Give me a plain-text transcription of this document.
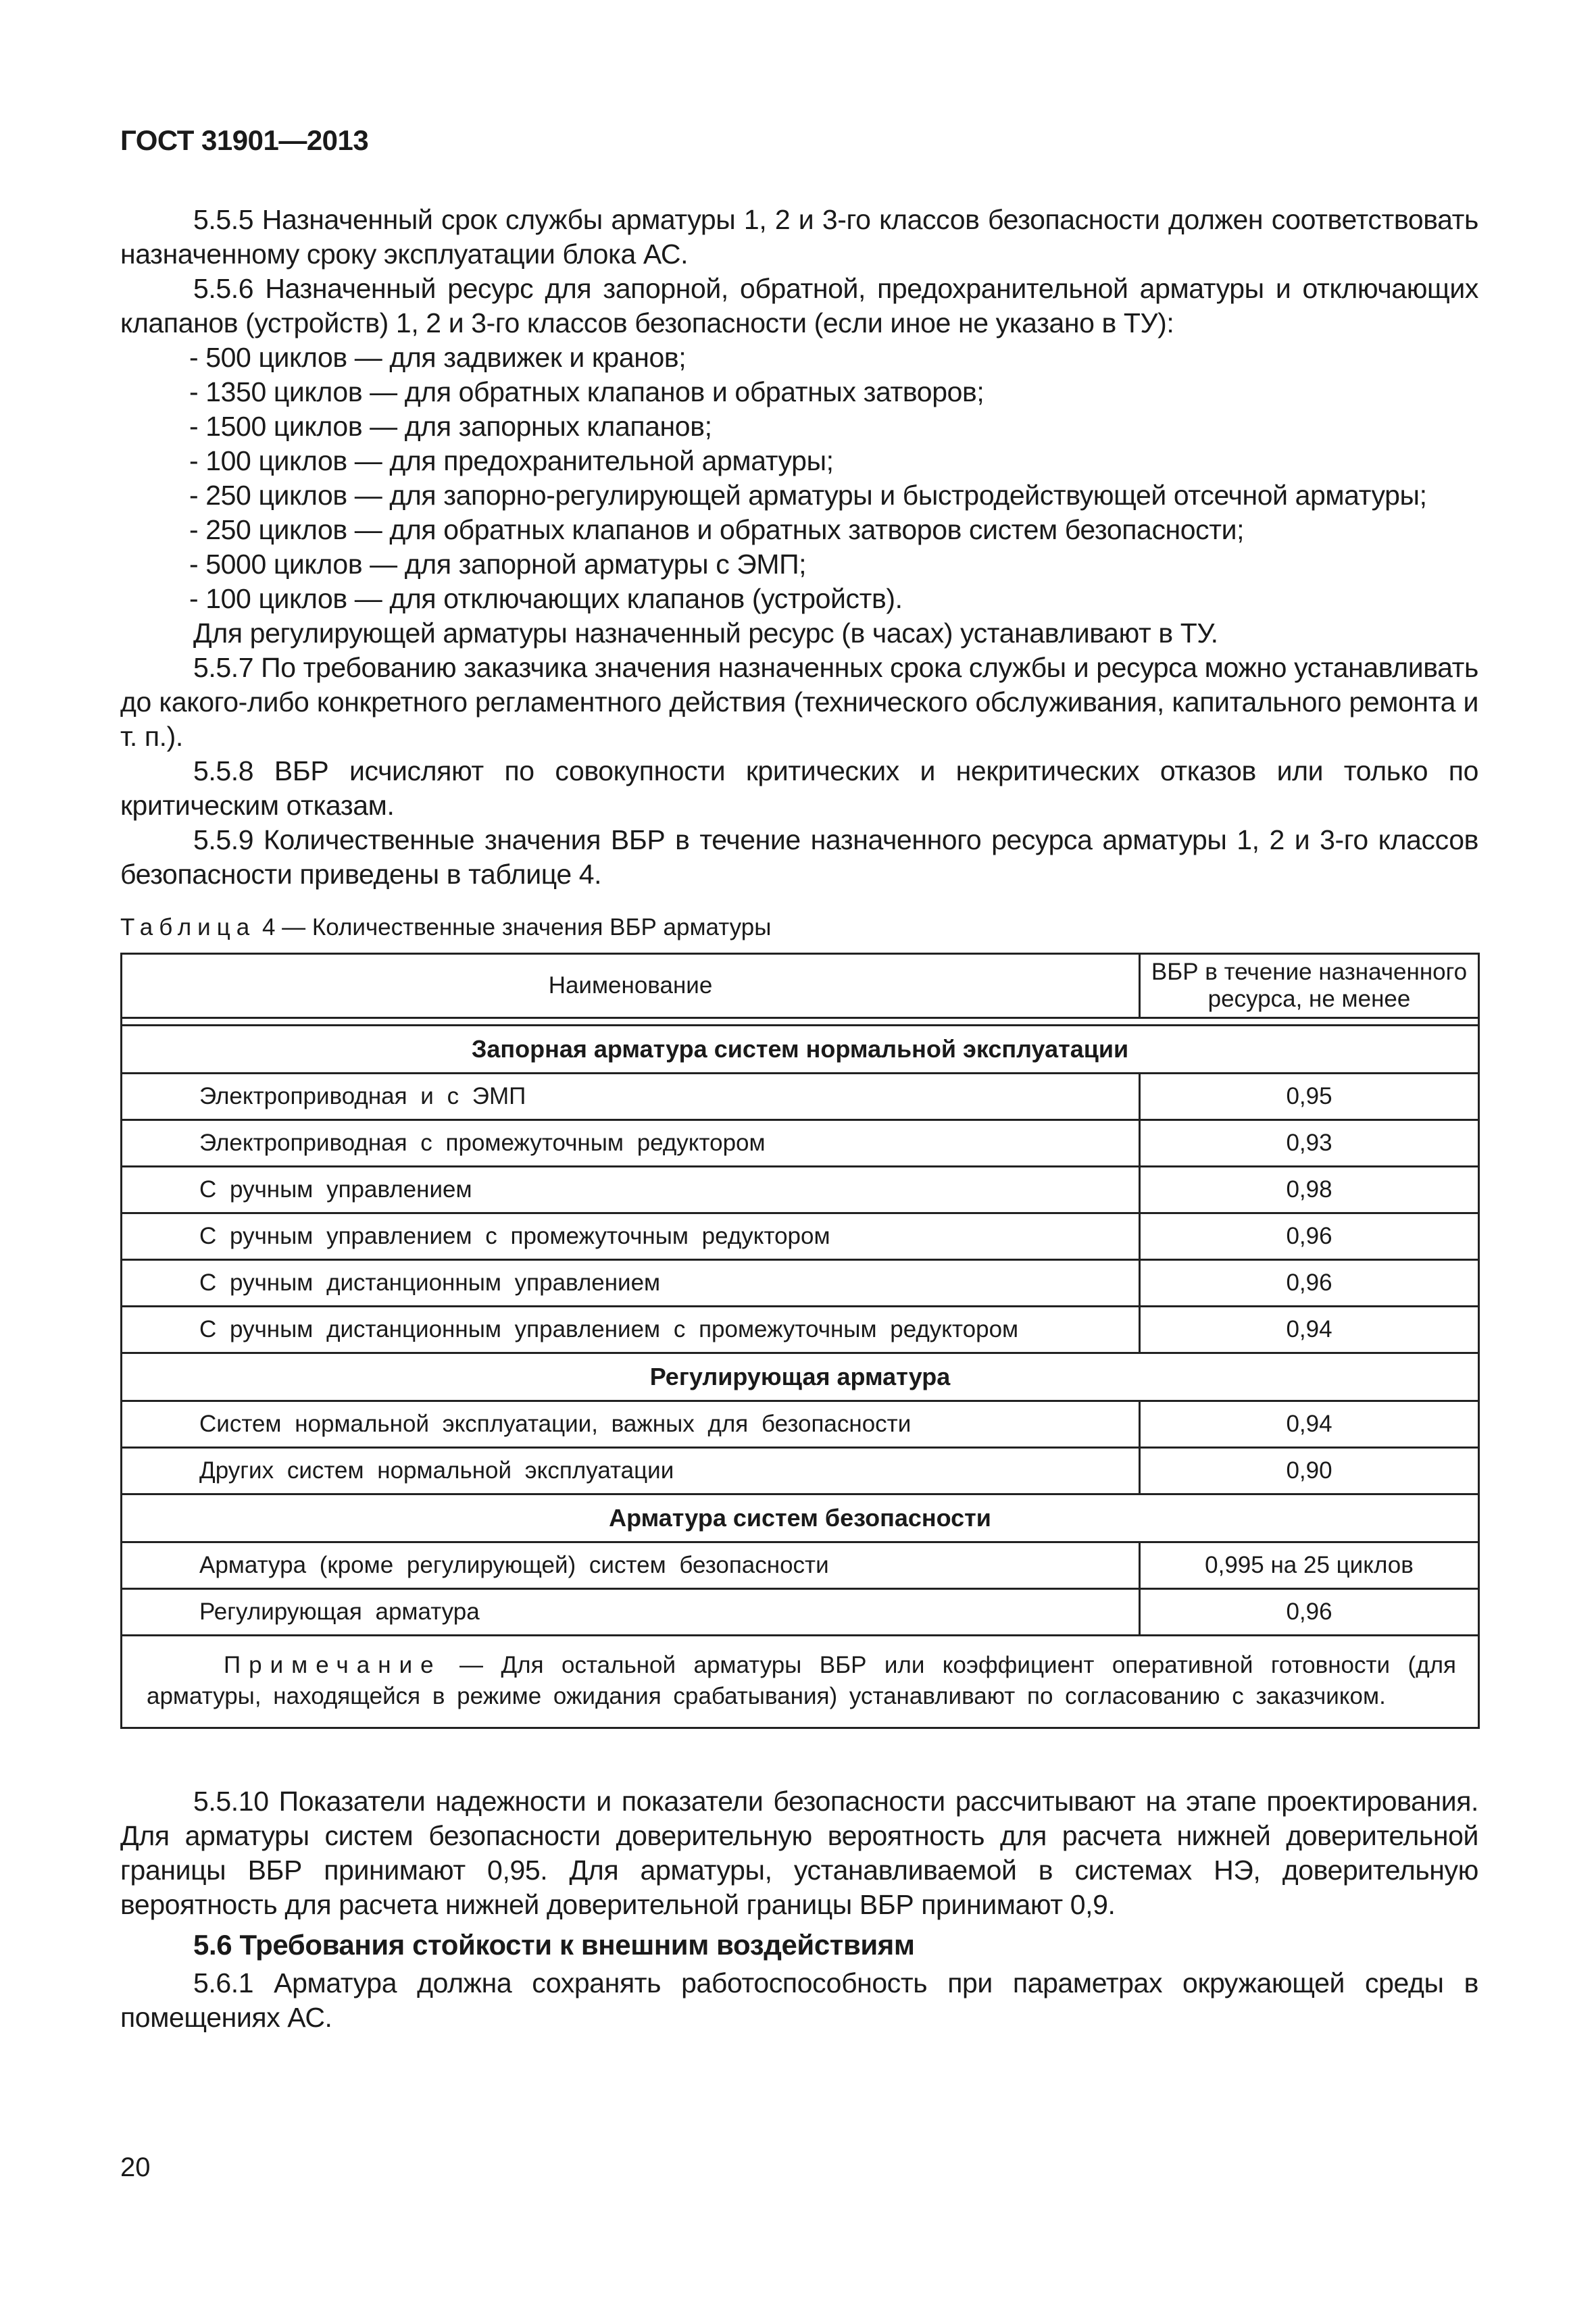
ГОСТ 31901—2013

5.5.5 Назначенный срок службы арматуры 1, 2 и 3-го классов безопасности должен соответствовать назначенному сроку эксплуатации блока АС.

5.5.6 Назначенный ресурс для запорной, обратной, предохранительной арматуры и отключающих клапанов (устройств) 1, 2 и 3-го классов безопасности (если иное не указано в ТУ):

- 500 циклов — для задвижек и кранов;

- 1350 циклов — для обратных клапанов и обратных затворов;

- 1500 циклов — для запорных клапанов;

- 100 циклов — для предохранительной арматуры;

- 250 циклов — для запорно-регулирующей арматуры и быстродействующей отсечной арматуры;

- 250 циклов — для обратных клапанов и обратных затворов систем безопасности;

- 5000 циклов — для запорной арматуры с ЭМП;

- 100 циклов — для отключающих клапанов (устройств).

Для регулирующей арматуры назначенный ресурс (в часах) устанавливают в ТУ.

5.5.7 По требованию заказчика значения назначенных срока службы и ресурса можно устанавливать до какого-либо конкретного регламентного действия (технического обслуживания, капитального ремонта и т. п.).

5.5.8 ВБР исчисляют по совокупности критических и некритических отказов или только по критическим отказам.

5.5.9 Количественные значения ВБР в течение назначенного ресурса арматуры 1, 2 и 3-го классов безопасности приведены в таблице 4.

Таблица 4 — Количественные значения ВБР арматуры
Наименование	ВБР в течение назначенного ресурса, не менее

Запорная арматура систем нормальной эксплуатации	
Электроприводная и с ЭМП	0,95
Электроприводная с промежуточным редуктором	0,93
С ручным управлением	0,98
С ручным управлением с промежуточным редуктором	0,96
С ручным дистанционным управлением	0,96
С ручным дистанционным управлением с промежуточным редуктором	0,94
Регулирующая арматура	
Систем нормальной эксплуатации, важных для безопасности	0,94
Других систем нормальной эксплуатации	0,90
Арматура систем безопасности	
Арматура (кроме регулирующей) систем безопасности	0,995 на 25 циклов
Регулирующая арматура	0,96
Примечание — Для остальной арматуры ВБР или коэффициент оперативной готовности (для арматуры, находящейся в режиме ожидания срабатывания) устанавливают по согласованию с заказчиком.	

5.5.10 Показатели надежности и показатели безопасности рассчитывают на этапе проектирования. Для арматуры систем безопасности доверительную вероятность для расчета нижней доверительной границы ВБР принимают 0,95. Для арматуры, устанавливаемой в системах НЭ, доверительную вероятность для расчета нижней доверительной границы ВБР принимают 0,9.

5.6 Требования стойкости к внешним воздействиям

5.6.1 Арматура должна сохранять работоспособность при параметрах окружающей среды в помещениях АС.

20
